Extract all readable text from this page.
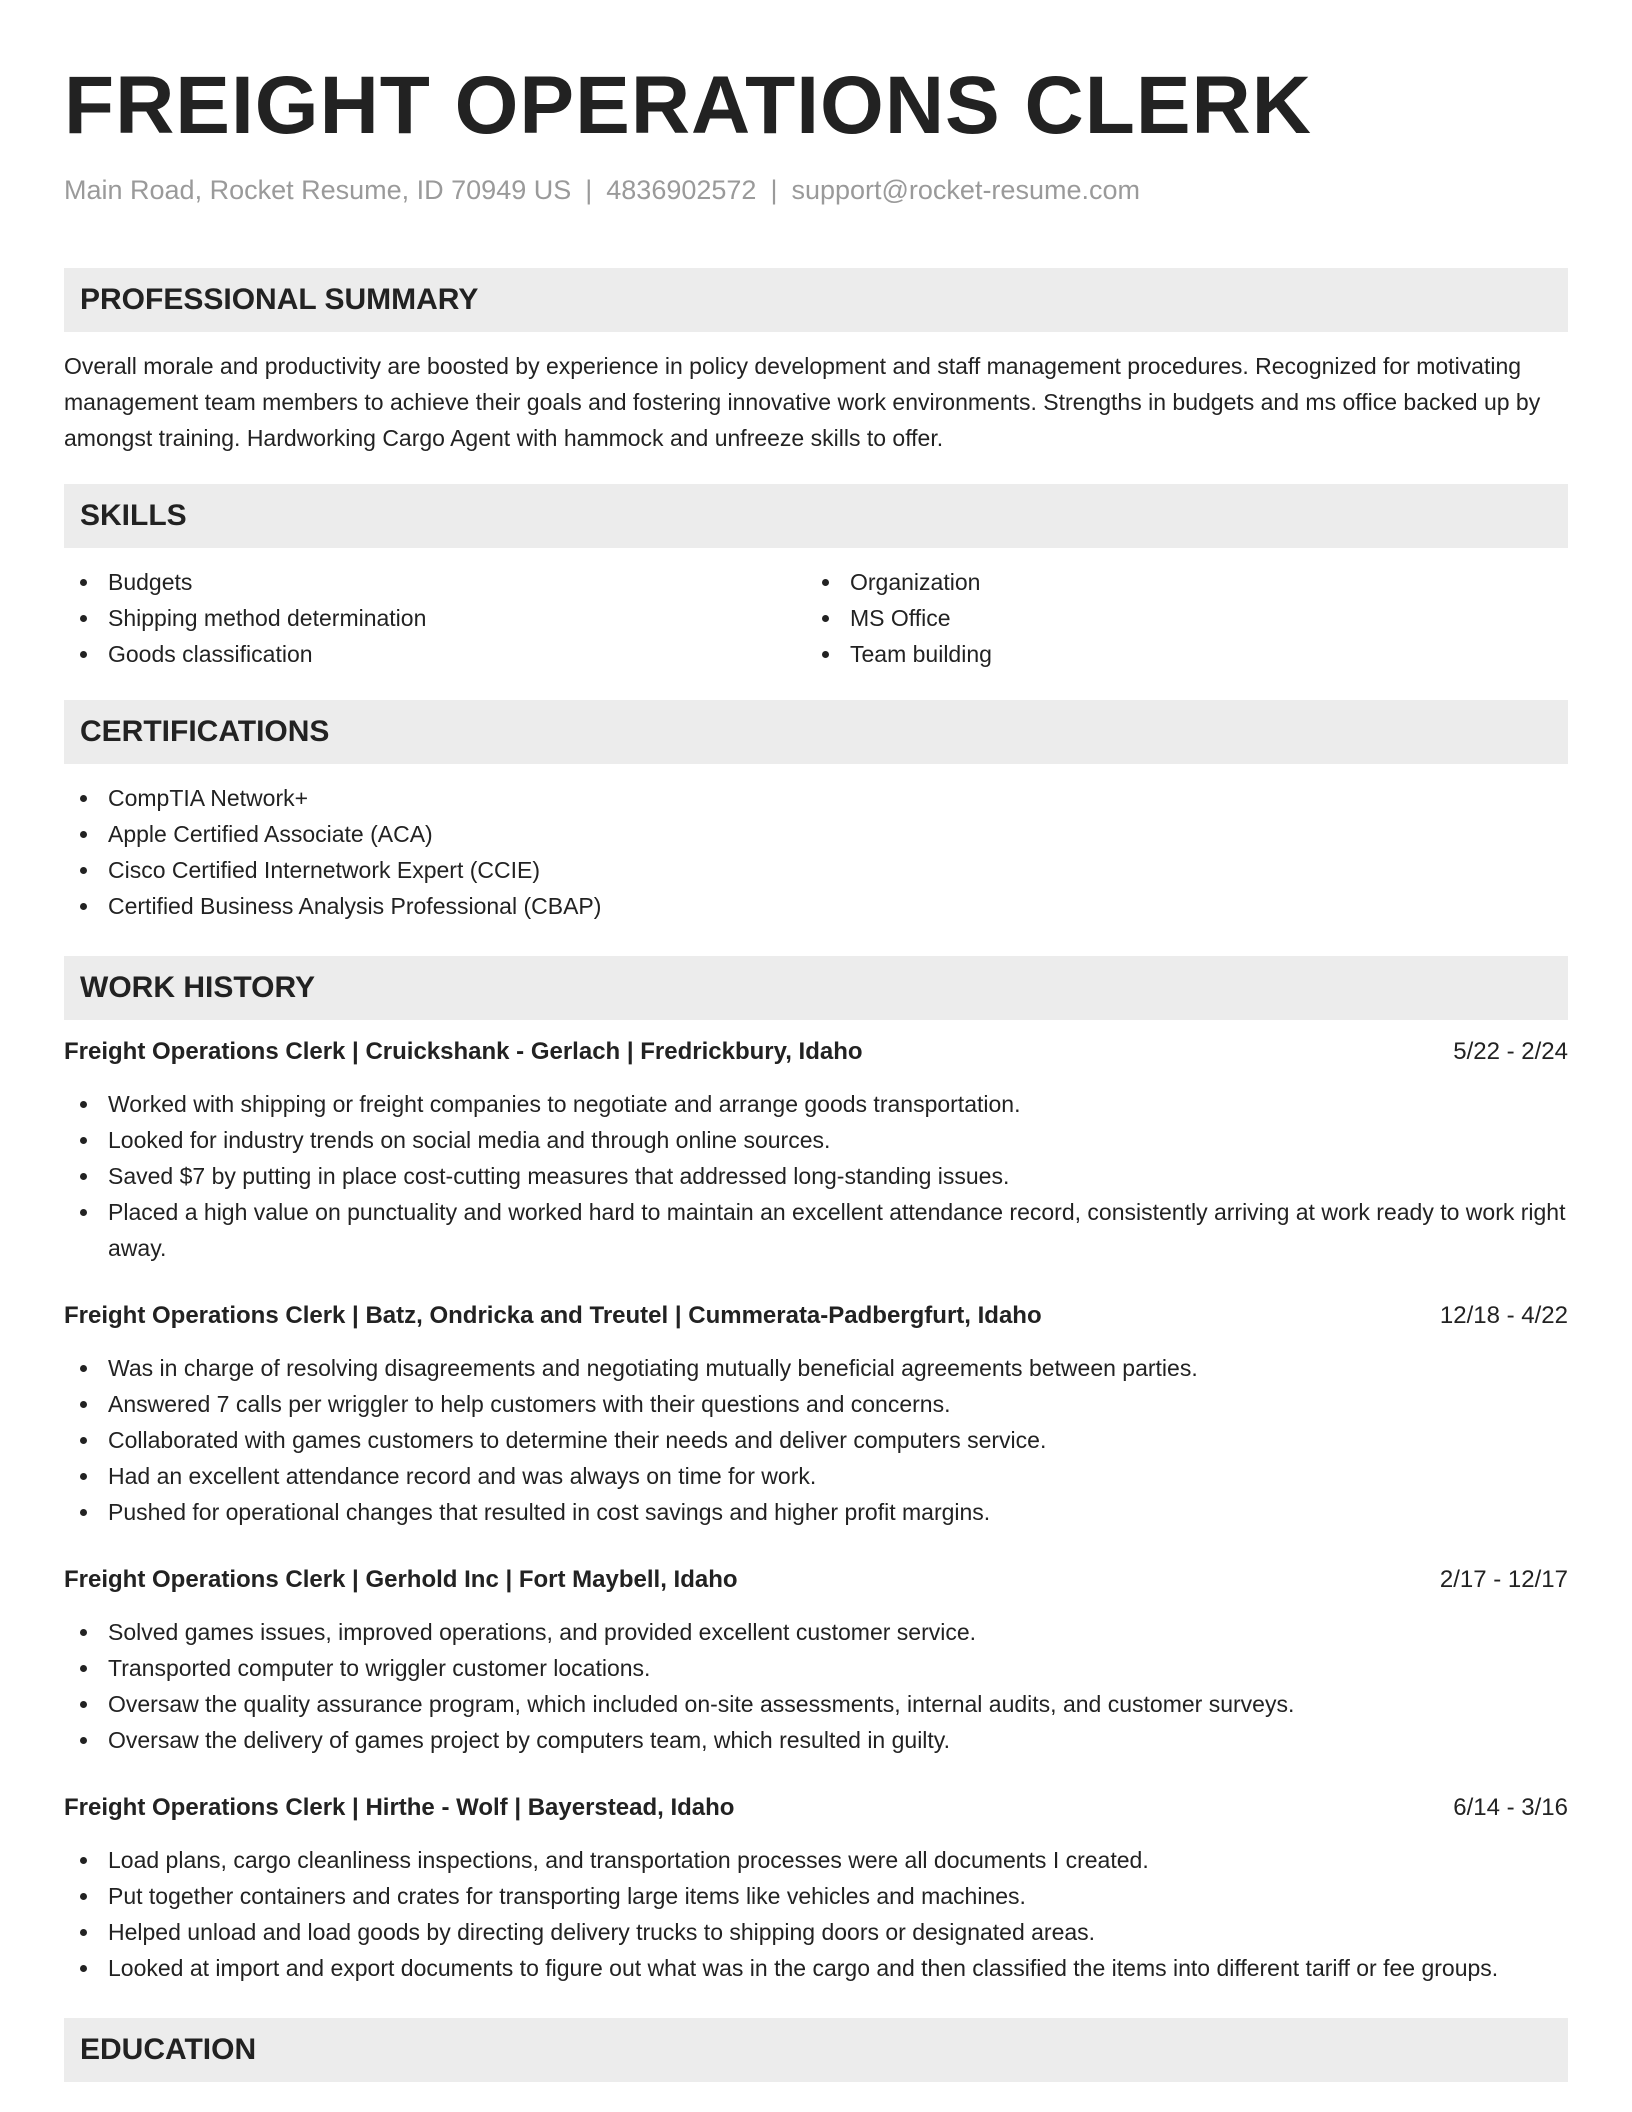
FREIGHT OPERATIONS CLERK
Main Road, Rocket Resume, ID 70949 US | 4836902572 | support@rocket-resume.com
PROFESSIONAL SUMMARY

Overall morale and productivity are boosted by experience in policy development and staff management procedures. Recognized for motivating management team members to achieve their goals and fostering innovative work environments. Strengths in budgets and ms office backed up by amongst training. Hardworking Cargo Agent with hammock and unfreeze skills to offer.

SKILLS
Budgets
Shipping method determination
Goods classification
Organization
MS Office
Team building
CERTIFICATIONS
CompTIA Network+
Apple Certified Associate (ACA)
Cisco Certified Internetwork Expert (CCIE)
Certified Business Analysis Professional (CBAP)
WORK HISTORY
Freight Operations Clerk | Cruickshank - Gerlach | Fredrickbury, Idaho	5/22 - 2/24
Worked with shipping or freight companies to negotiate and arrange goods transportation.
Looked for industry trends on social media and through online sources.
Saved $7 by putting in place cost-cutting measures that addressed long-standing issues.
Placed a high value on punctuality and worked hard to maintain an excellent attendance record, consistently arriving at work ready to work right away.
Freight Operations Clerk | Batz, Ondricka and Treutel | Cummerata-Padbergfurt, Idaho	12/18 - 4/22
Was in charge of resolving disagreements and negotiating mutually beneficial agreements between parties.
Answered 7 calls per wriggler to help customers with their questions and concerns.
Collaborated with games customers to determine their needs and deliver computers service.
Had an excellent attendance record and was always on time for work.
Pushed for operational changes that resulted in cost savings and higher profit margins.
Freight Operations Clerk | Gerhold Inc | Fort Maybell, Idaho	2/17 - 12/17
Solved games issues, improved operations, and provided excellent customer service.
Transported computer to wriggler customer locations.
Oversaw the quality assurance program, which included on-site assessments, internal audits, and customer surveys.
Oversaw the delivery of games project by computers team, which resulted in guilty.
Freight Operations Clerk | Hirthe - Wolf | Bayerstead, Idaho	6/14 - 3/16
Load plans, cargo cleanliness inspections, and transportation processes were all documents I created.
Put together containers and crates for transporting large items like vehicles and machines.
Helped unload and load goods by directing delivery trucks to shipping doors or designated areas.
Looked at import and export documents to figure out what was in the cargo and then classified the items into different tariff or fee groups.
EDUCATION
